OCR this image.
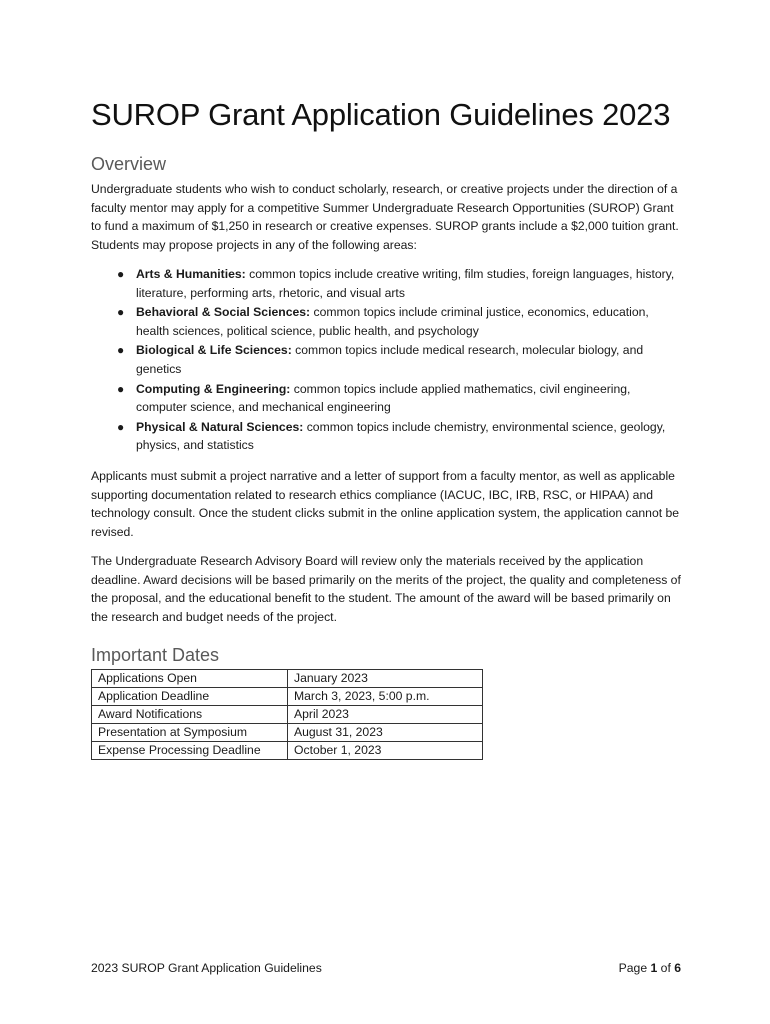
SUROP Grant Application Guidelines 2023
Overview

Undergraduate students who wish to conduct scholarly, research, or creative projects under the direction of a faculty mentor may apply for a competitive Summer Undergraduate Research Opportunities (SUROP) Grant to fund a maximum of $1,250 in research or creative expenses. SUROP grants include a $2,000 tuition grant. Students may propose projects in any of the following areas:

● Arts & Humanities: common topics include creative writing, film studies, foreign languages, history, literature, performing arts, rhetoric, and visual arts
● Behavioral & Social Sciences: common topics include criminal justice, economics, education, health sciences, political science, public health, and psychology
● Biological & Life Sciences: common topics include medical research, molecular biology, and genetics
● Computing & Engineering: common topics include applied mathematics, civil engineering, computer science, and mechanical engineering
● Physical & Natural Sciences: common topics include chemistry, environmental science, geology, physics, and statistics

Applicants must submit a project narrative and a letter of support from a faculty mentor, as well as applicable supporting documentation related to research ethics compliance (IACUC, IBC, IRB, RSC, or HIPAA) and technology consult. Once the student clicks submit in the online application system, the application cannot be revised.

The Undergraduate Research Advisory Board will review only the materials received by the application deadline. Award decisions will be based primarily on the merits of the project, the quality and completeness of the proposal, and the educational benefit to the student. The amount of the award will be based primarily on the research and budget needs of the project.

Important Dates
Applications Open	January 2023
Application Deadline	March 3, 2023, 5:00 p.m.
Award Notifications	April 2023
Presentation at Symposium	August 31, 2023
Expense Processing Deadline	October 1, 2023
2023 SUROP Grant Application Guidelines	Page 1 of 6
